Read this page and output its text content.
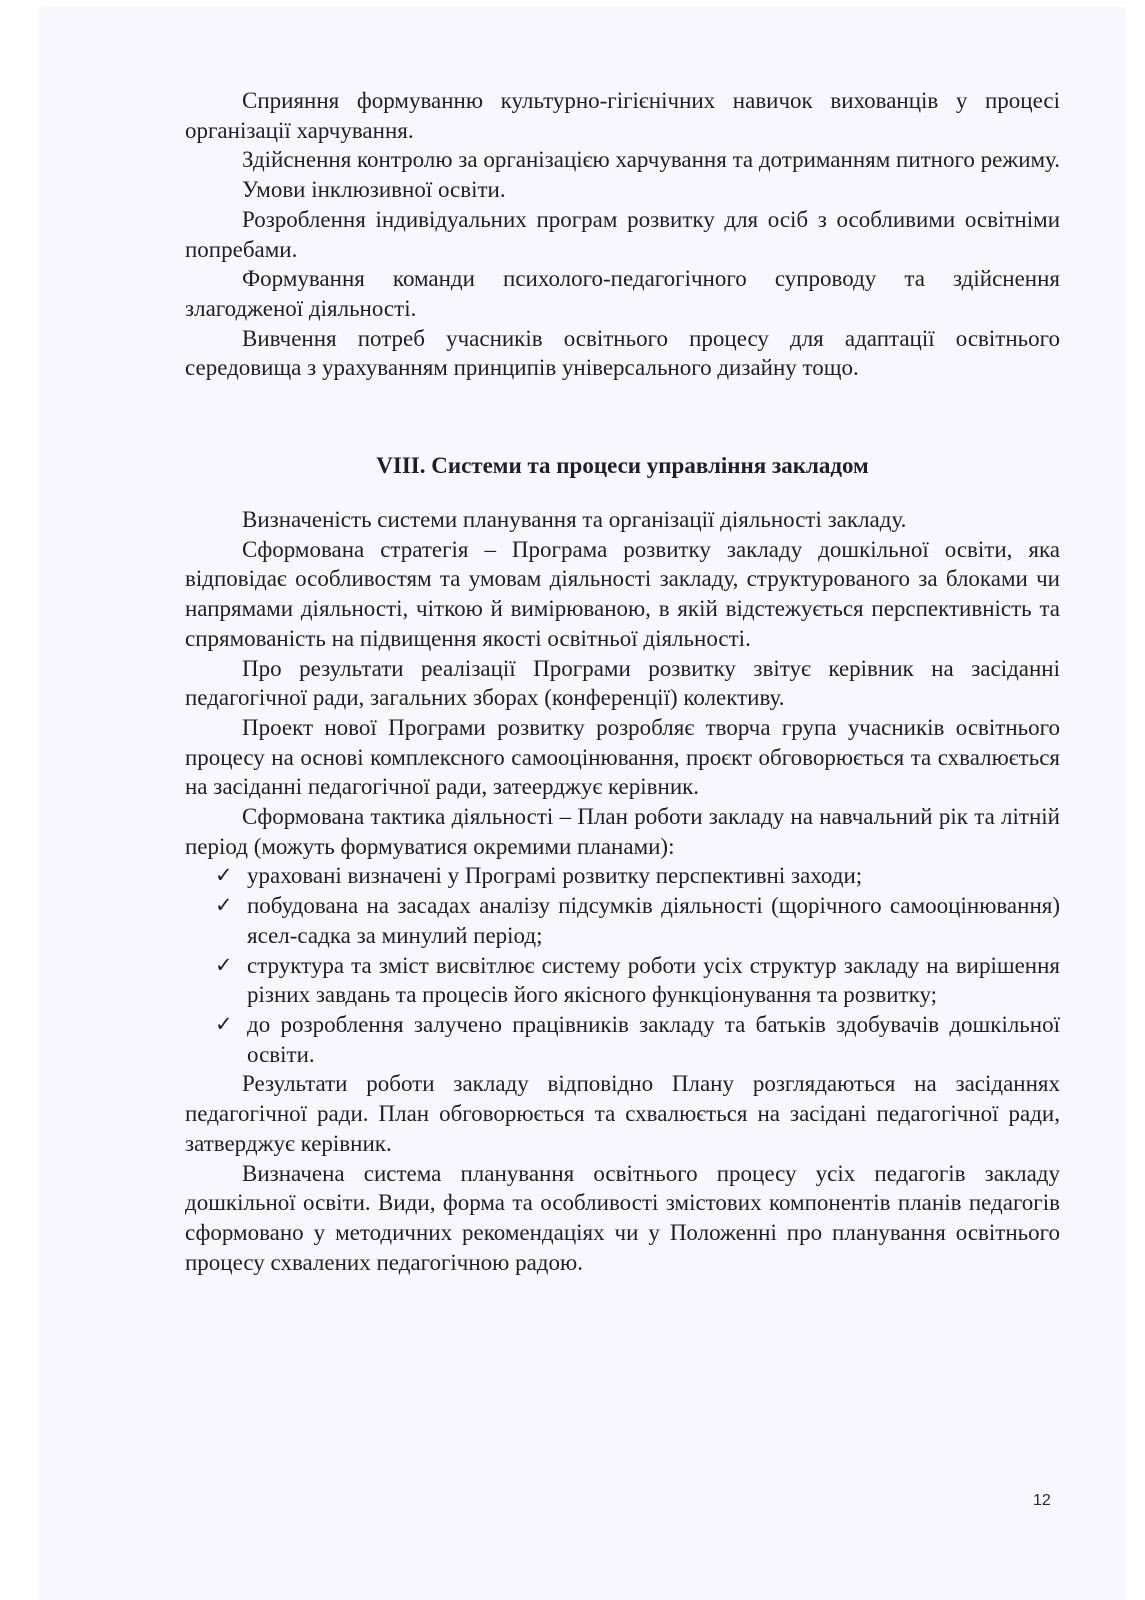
Сприяння формуванню культурно-гігієнічних навичок вихованців у процесі організації харчування.

Здійснення контролю за організацією харчування та дотриманням питного режиму.

Умови інклюзивної освіти.

Розроблення індивідуальних програм розвитку для осіб з особливими освітніми попребами.

Формування команди психолого-педагогічного супроводу та здійснення злагодженої діяльності.

Вивчення потреб учасників освітнього процесу для адаптації освітнього середовища з урахуванням принципів універсального дизайну тощо.

VIII. Системи та процеси управління закладом

Визначеність системи планування та організації діяльності закладу.

Сформована стратегія – Програма розвитку закладу дошкільної освіти, яка відповідає особливостям та умовам діяльності закладу, структурованого за блоками чи напрямами діяльності, чіткою й вимірюваною, в якій відстежується перспективність та спрямованість на підвищення якості освітньої діяльності.

Про результати реалізації Програми розвитку звітує керівник на засіданні педагогічної ради, загальних зборах (конференції) колективу.

Проект нової Програми розвитку розробляє творча група учасників освітнього процесу на основі комплексного самооцінювання, проєкт обговорюється та схвалюється на засіданні педагогічної ради, затеерджує керівник.

Сформована тактика діяльності – План роботи закладу на навчальний рік та літній період (можуть формуватися окремими планами):

✓ ураховані визначені у Програмі розвитку перспективні заходи;
✓ побудована на засадах аналізу підсумків діяльності (щорічного самооцінювання) ясел-садка за минулий період;
✓ структура та зміст висвітлює систему роботи усіх структур закладу на вирішення різних завдань та процесів його якісного функціонування та розвитку;
✓ до розроблення залучено працівників закладу та батьків здобувачів дошкільної освіти.

Результати роботи закладу відповідно Плану розглядаються на засіданнях педагогічної ради. План обговорюється та схвалюється на засідані педагогічної ради, затверджує керівник.

Визначена система планування освітнього процесу усіх педагогів закладу дошкільної освіти. Види, форма та особливості змістових компонентів планів педагогів сформовано у методичних рекомендаціях чи у Положенні про планування освітнього процесу схвалених педагогічною радою.

12
